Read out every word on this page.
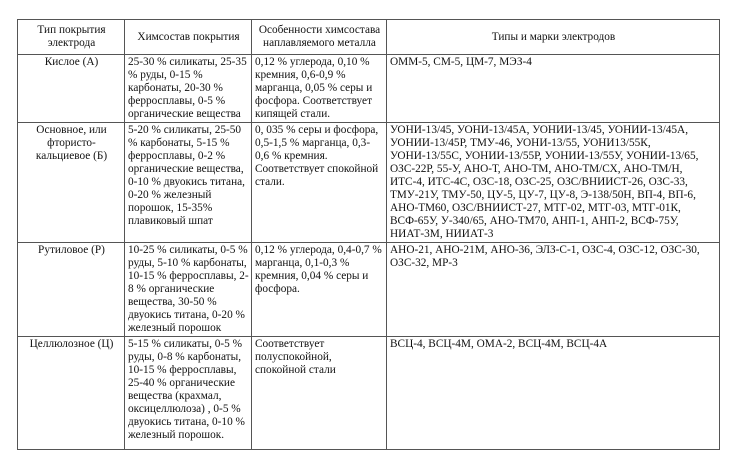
Тип покрытия электрода	Химсостав покрытия	Особенности химсостава наплавляемого металла	Типы и марки электродов
Кислое (А)	25-30 % силикаты, 25-35 % руды, 0-15 % карбонаты, 20-30 % ферросплавы, 0-5 % органические вещества	0,12 % углерода, 0,10 % кремния, 0,6-0,9 % марганца, 0,05 % серы и фосфора. Соответствует кипящей стали.	ОММ-5, СМ-5, ЦМ-7, МЭЗ-4
Основное, или фтористо-кальциевое (Б)	5-20 % силикаты, 25-50 % карбонаты, 5-15 % ферросплавы, 0-2 % органические вещества, 0-10 % двуокись титана, 0-20 % железный порошок, 15-35% плавиковый шпат	0, 035 % серы и фосфора, 0,5-1,5 % марганца, 0,3-0,6 % кремния. Соответствует спокойной стали.	УОНИ-13/45, УОНИ-13/45А, УОНИИ-13/45, УОНИИ-13/45А, УОНИИ-13/45Р, ТМУ-46, УОНИ-13/55, УОНИ13/55К, УОНИ-13/55С, УОНИИ-13/55Р, УОНИИ-13/55У, УОНИИ-13/65, ОЗС-22Р, 55-У, АНО-Т, АНО-ТМ, АНО-ТМ/СХ, АНО-ТМ/Н, ИТС-4, ИТС-4С, ОЗС-18, ОЗС-25, ОЗС/ВНИИСТ-26, ОЗС-33, ТМУ-21У, ТМУ-50, ЦУ-5, ЦУ-7, ЦУ-8, Э-138/50Н, ВП-4, ВП-6, АНО-ТМ60, ОЗС/ВНИИСТ-27, МТГ-02, МТГ-03, МТГ-01К, ВСФ-65У, У-340/65, АНО-ТМ70, АНП-1, АНП-2, ВСФ-75У, НИАТ-3М, НИИАТ-3
Рутиловое (Р)	10-25 % силикаты, 0-5 % руды, 5-10 % карбонаты, 10-15 % ферросплавы, 2-8 % органические вещества, 30-50 % двуокись титана, 0-20 % железный порошок	0,12 % углерода, 0,4-0,7 % марганца, 0,1-0,3 % кремния, 0,04 % серы и фосфора.	АНО-21, АНО-21М, АНО-36, ЭЛЗ-С-1, ОЗС-4, ОЗС-12, ОЗС-30, ОЗС-32, МР-3
Целлюлозное (Ц)	5-15 % силикаты, 0-5 % руды, 0-8 % карбонаты, 10-15 % ферросплавы, 25-40 % органические вещества (крахмал, оксицеллюлоза) , 0-5 % двуокись титана, 0-10 % железный порошок.	Соответствует полуспокойной, спокойной стали	ВСЦ-4, ВСЦ-4М, ОМА-2, ВСЦ-4М, ВСЦ-4А
